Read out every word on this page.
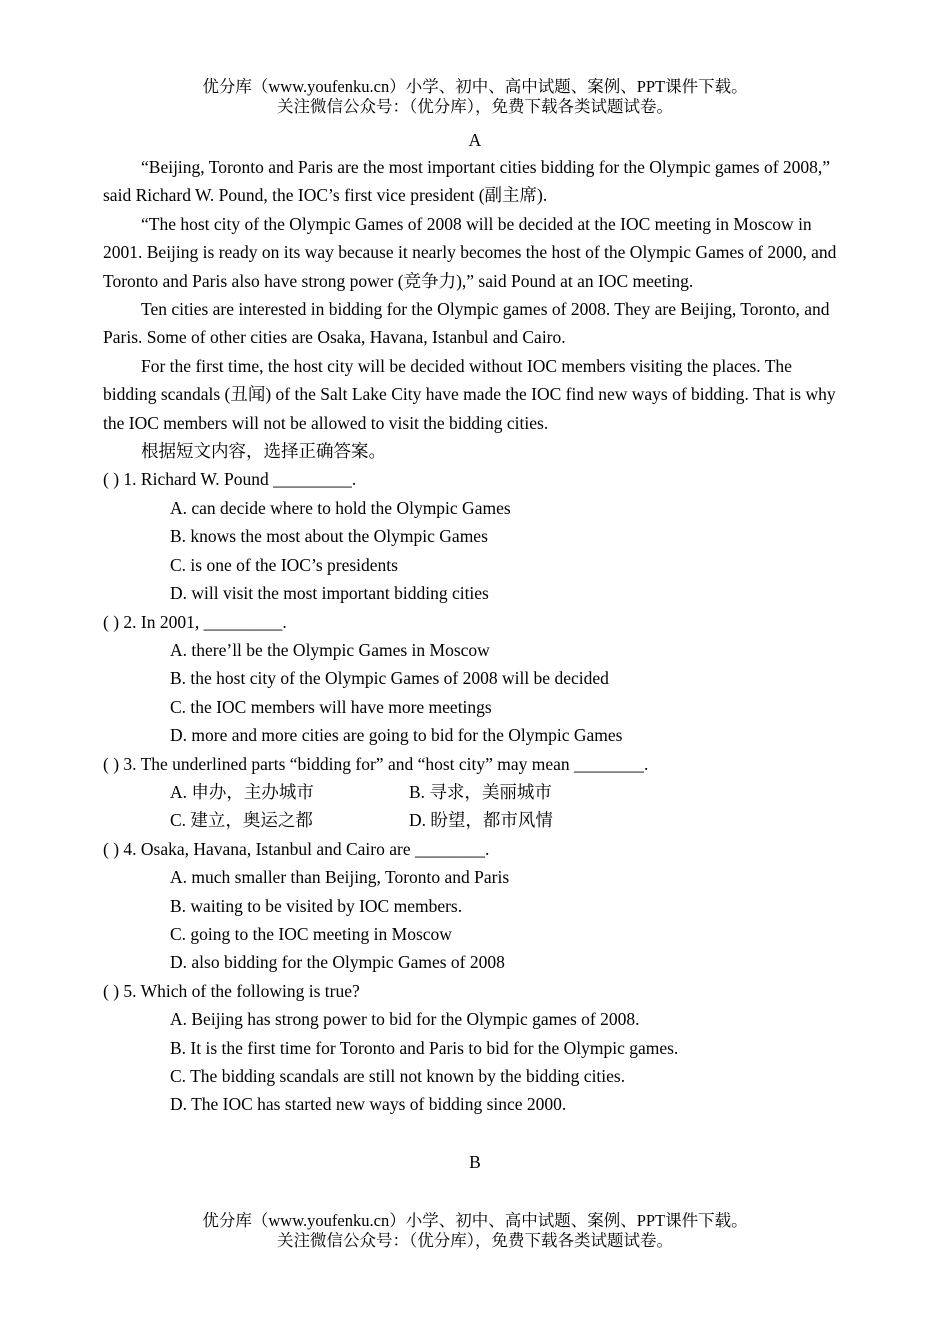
优分库（www.youfenku.cn）小学、初中、高中试题、案例、PPT课件下载。
关注微信公众号：（优分库），免费下载各类试题试卷。
A

“Beijing, Toronto and Paris are the most important cities bidding for the Olympic games of 2008,” said Richard W. Pound, the IOC’s first vice president (副主席).

“The host city of the Olympic Games of 2008 will be decided at the IOC meeting in Moscow in 2001. Beijing is ready on its way because it nearly becomes the host of the Olympic Games of 2000, and Toronto and Paris also have strong power (竞争力),” said Pound at an IOC meeting.

Ten cities are interested in bidding for the Olympic games of 2008. They are Beijing, Toronto, and Paris. Some of other cities are Osaka, Havana, Istanbul and Cairo.

For the first time, the host city will be decided without IOC members visiting the places. The bidding scandals (丑闻) of the Salt Lake City have made the IOC find new ways of bidding. That is why the IOC members will not be allowed to visit the bidding cities.

根据短文内容，选择正确答案。

( ) 1. Richard W. Pound _________.

A. can decide where to hold the Olympic Games

B. knows the most about the Olympic Games

C. is one of the IOC’s presidents

D. will visit the most important bidding cities

( ) 2. In 2001, _________.

A. there’ll be the Olympic Games in Moscow

B. the host city of the Olympic Games of 2008 will be decided

C. the IOC members will have more meetings

D. more and more cities are going to bid for the Olympic Games

( ) 3. The underlined parts “bidding for” and “host city” may mean ________.

A. 申办，主办城市	B. 寻求，美丽城市
C. 建立，奥运之都	D. 盼望，都市风情

( ) 4. Osaka, Havana, Istanbul and Cairo are ________.

A. much smaller than Beijing, Toronto and Paris

B. waiting to be visited by IOC members.

C. going to the IOC meeting in Moscow

D. also bidding for the Olympic Games of 2008

( ) 5. Which of the following is true?

A. Beijing has strong power to bid for the Olympic games of 2008.

B. It is the first time for Toronto and Paris to bid for the Olympic games.

C. The bidding scandals are still not known by the bidding cities.

D. The IOC has started new ways of bidding since 2000.

B
优分库（www.youfenku.cn）小学、初中、高中试题、案例、PPT课件下载。
关注微信公众号：（优分库），免费下载各类试题试卷。
